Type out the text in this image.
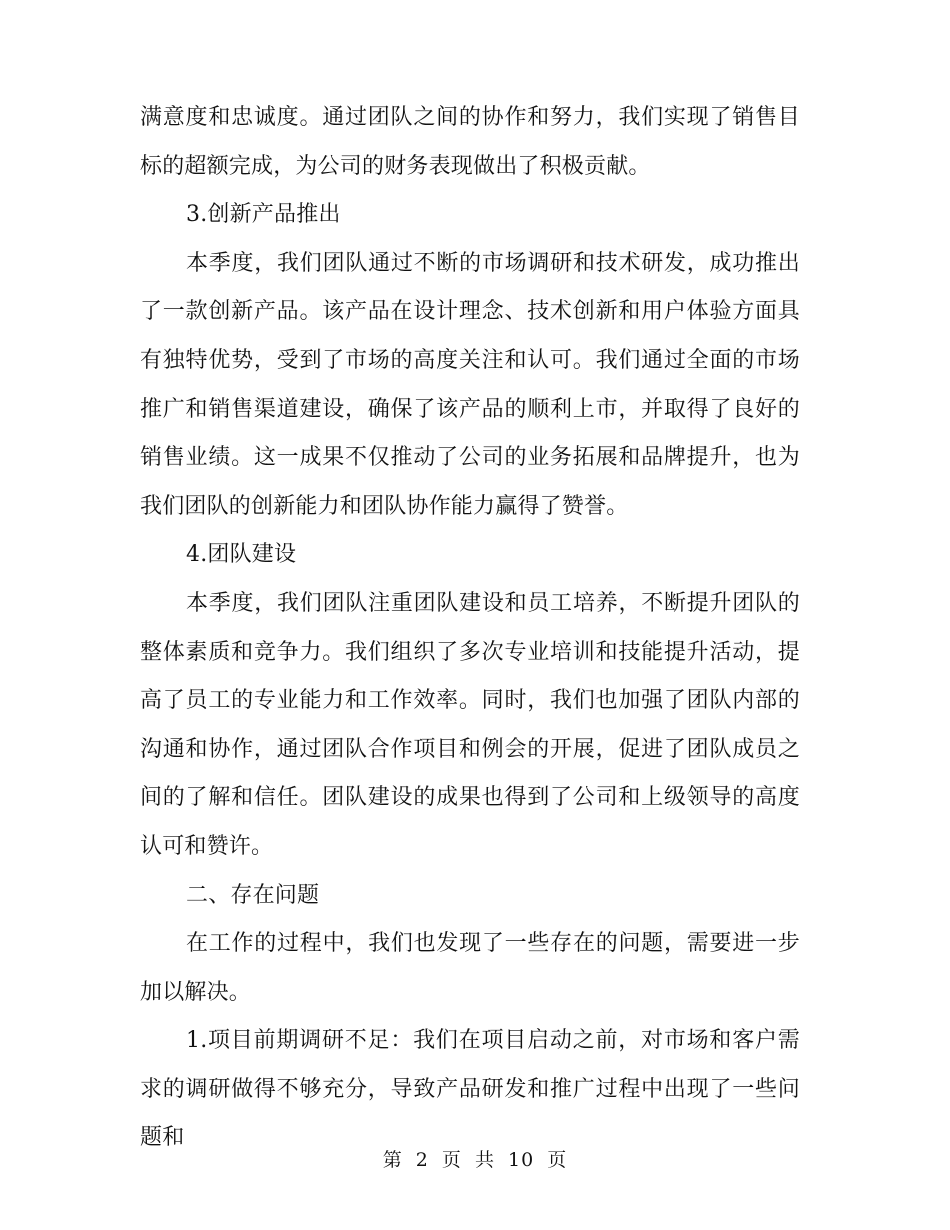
满意度和忠诚度。通过团队之间的协作和努力，我们实现了销售目标的超额完成，为公司的财务表现做出了积极贡献。

3.创新产品推出

本季度，我们团队通过不断的市场调研和技术研发，成功推出了一款创新产品。该产品在设计理念、技术创新和用户体验方面具有独特优势，受到了市场的高度关注和认可。我们通过全面的市场推广和销售渠道建设，确保了该产品的顺利上市，并取得了良好的销售业绩。这一成果不仅推动了公司的业务拓展和品牌提升，也为我们团队的创新能力和团队协作能力赢得了赞誉。

4.团队建设

本季度，我们团队注重团队建设和员工培养，不断提升团队的整体素质和竞争力。我们组织了多次专业培训和技能提升活动，提高了员工的专业能力和工作效率。同时，我们也加强了团队内部的沟通和协作，通过团队合作项目和例会的开展，促进了团队成员之间的了解和信任。团队建设的成果也得到了公司和上级领导的高度认可和赞许。

二、存在问题

在工作的过程中，我们也发现了一些存在的问题，需要进一步加以解决。

1.项目前期调研不足：我们在项目启动之前，对市场和客户需求的调研做得不够充分，导致产品研发和推广过程中出现了一些问题和

第 2 页 共 10 页
